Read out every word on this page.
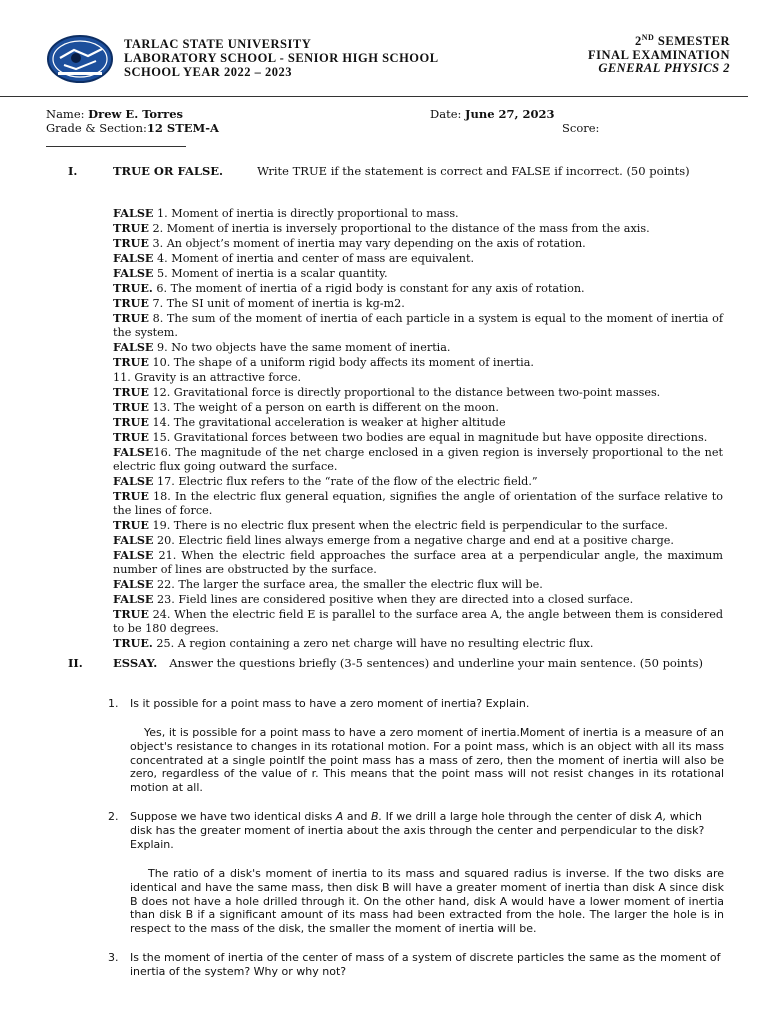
TARLAC STATE UNIVERSITY
LABORATORY SCHOOL - SENIOR HIGH SCHOOL
SCHOOL YEAR 2022 – 2023
2ND SEMESTER
FINAL EXAMINATION
GENERAL PHYSICS 2
Name: Drew E. Torres	Date: June 27, 2023
Grade & Section:12 STEM-A	Score:
I.	TRUE OR FALSE.	Write TRUE if the statement is correct and FALSE if incorrect. (50 points)
FALSE 1. Moment of inertia is directly proportional to mass.
TRUE 2. Moment of inertia is inversely proportional to the distance of the mass from the axis.
TRUE 3. An object’s moment of inertia may vary depending on the axis of rotation.
FALSE 4. Moment of inertia and center of mass are equivalent.
FALSE 5. Moment of inertia is a scalar quantity.
TRUE. 6. The moment of inertia of a rigid body is constant for any axis of rotation.
TRUE 7. The SI unit of moment of inertia is kg-m2.
TRUE 8. The sum of the moment of inertia of each particle in a system is equal to the moment of inertia of the system.
FALSE 9. No two objects have the same moment of inertia.
TRUE 10. The shape of a uniform rigid body affects its moment of inertia.
11. Gravity is an attractive force.
TRUE 12. Gravitational force is directly proportional to the distance between two-point masses.
TRUE 13. The weight of a person on earth is different on the moon.
TRUE 14. The gravitational acceleration is weaker at higher altitude
TRUE 15. Gravitational forces between two bodies are equal in magnitude but have opposite directions.
FALSE16. The magnitude of the net charge enclosed in a given region is inversely proportional to the net electric flux going outward the surface.
FALSE 17. Electric flux refers to the “rate of the flow of the electric field.”
TRUE 18. In the electric flux general equation, signifies the angle of orientation of the surface relative to the lines of force.
TRUE 19. There is no electric flux present when the electric field is perpendicular to the surface.
FALSE 20. Electric field lines always emerge from a negative charge and end at a positive charge.
FALSE 21. When the electric field approaches the surface area at a perpendicular angle, the maximum number of lines are obstructed by the surface.
FALSE 22. The larger the surface area, the smaller the electric flux will be.
FALSE 23. Field lines are considered positive when they are directed into a closed surface.
TRUE 24. When the electric field E is parallel to the surface area A, the angle between them is considered to be 180 degrees.
TRUE. 25. A region containing a zero net charge will have no resulting electric flux.
II.	ESSAY. Answer the questions briefly (3-5 sentences) and underline your main sentence. (50 points)
1. Is it possible for a point mass to have a zero moment of inertia? Explain.
Yes, it is possible for a point mass to have a zero moment of inertia.Moment of inertia is a measure of an object's resistance to changes in its rotational motion. For a point mass, which is an object with all its mass concentrated at a single pointIf the point mass has a mass of zero, then the moment of inertia will also be zero, regardless of the value of r. This means that the point mass will not resist changes in its rotational motion at all.
2. Suppose we have two identical disks A and B. If we drill a large hole through the center of disk A, which disk has the greater moment of inertia about the axis through the center and perpendicular to the disk? Explain.
The ratio of a disk's moment of inertia to its mass and squared radius is inverse. If the two disks are identical and have the same mass, then disk B will have a greater moment of inertia than disk A since disk B does not have a hole drilled through it. On the other hand, disk A would have a lower moment of inertia than disk B if a significant amount of its mass had been extracted from the hole. The larger the hole is in respect to the mass of the disk, the smaller the moment of inertia will be.
3. Is the moment of inertia of the center of mass of a system of discrete particles the same as the moment of inertia of the system? Why or why not?
